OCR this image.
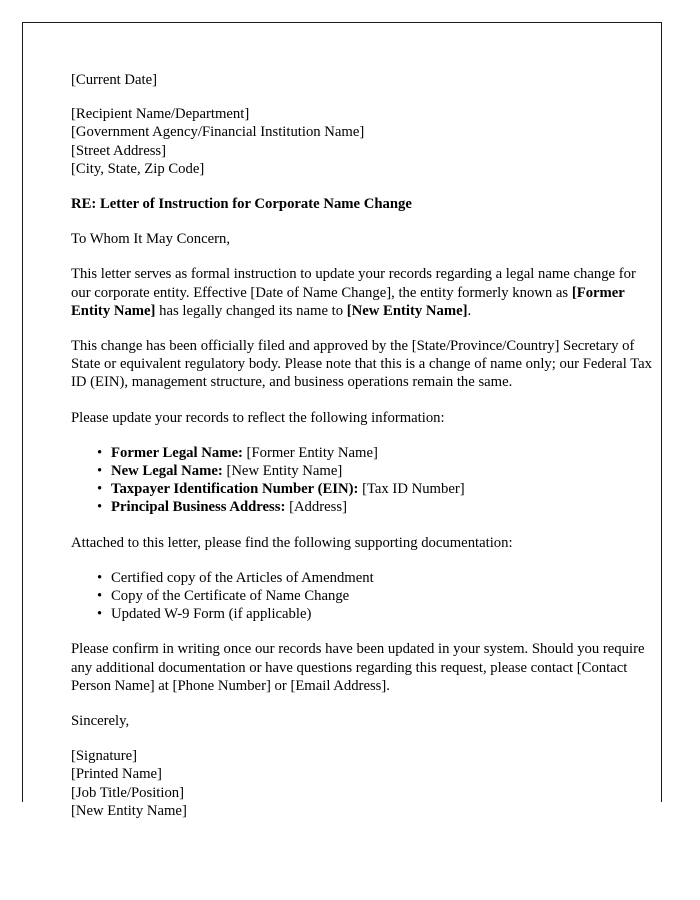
[Current Date]
[Recipient Name/Department]
[Government Agency/Financial Institution Name]
[Street Address]
[City, State, Zip Code]
RE: Letter of Instruction for Corporate Name Change
To Whom It May Concern,

This letter serves as formal instruction to update your records regarding a legal name change for our corporate entity. Effective [Date of Name Change], the entity formerly known as [Former Entity Name] has legally changed its name to [New Entity Name].

This change has been officially filed and approved by the [State/Province/Country] Secretary of State or equivalent regulatory body. Please note that this is a change of name only; our Federal Tax ID (EIN), management structure, and business operations remain the same.

Please update your records to reflect the following information:

• Former Legal Name: [Former Entity Name]
• New Legal Name: [New Entity Name]
• Taxpayer Identification Number (EIN): [Tax ID Number]
• Principal Business Address: [Address]

Attached to this letter, please find the following supporting documentation:

• Certified copy of the Articles of Amendment
• Copy of the Certificate of Name Change
• Updated W-9 Form (if applicable)

Please confirm in writing once our records have been updated in your system. Should you require any additional documentation or have questions regarding this request, please contact [Contact Person Name] at [Phone Number] or [Email Address].

Sincerely,
[Signature]
[Printed Name]
[Job Title/Position]
[New Entity Name]
